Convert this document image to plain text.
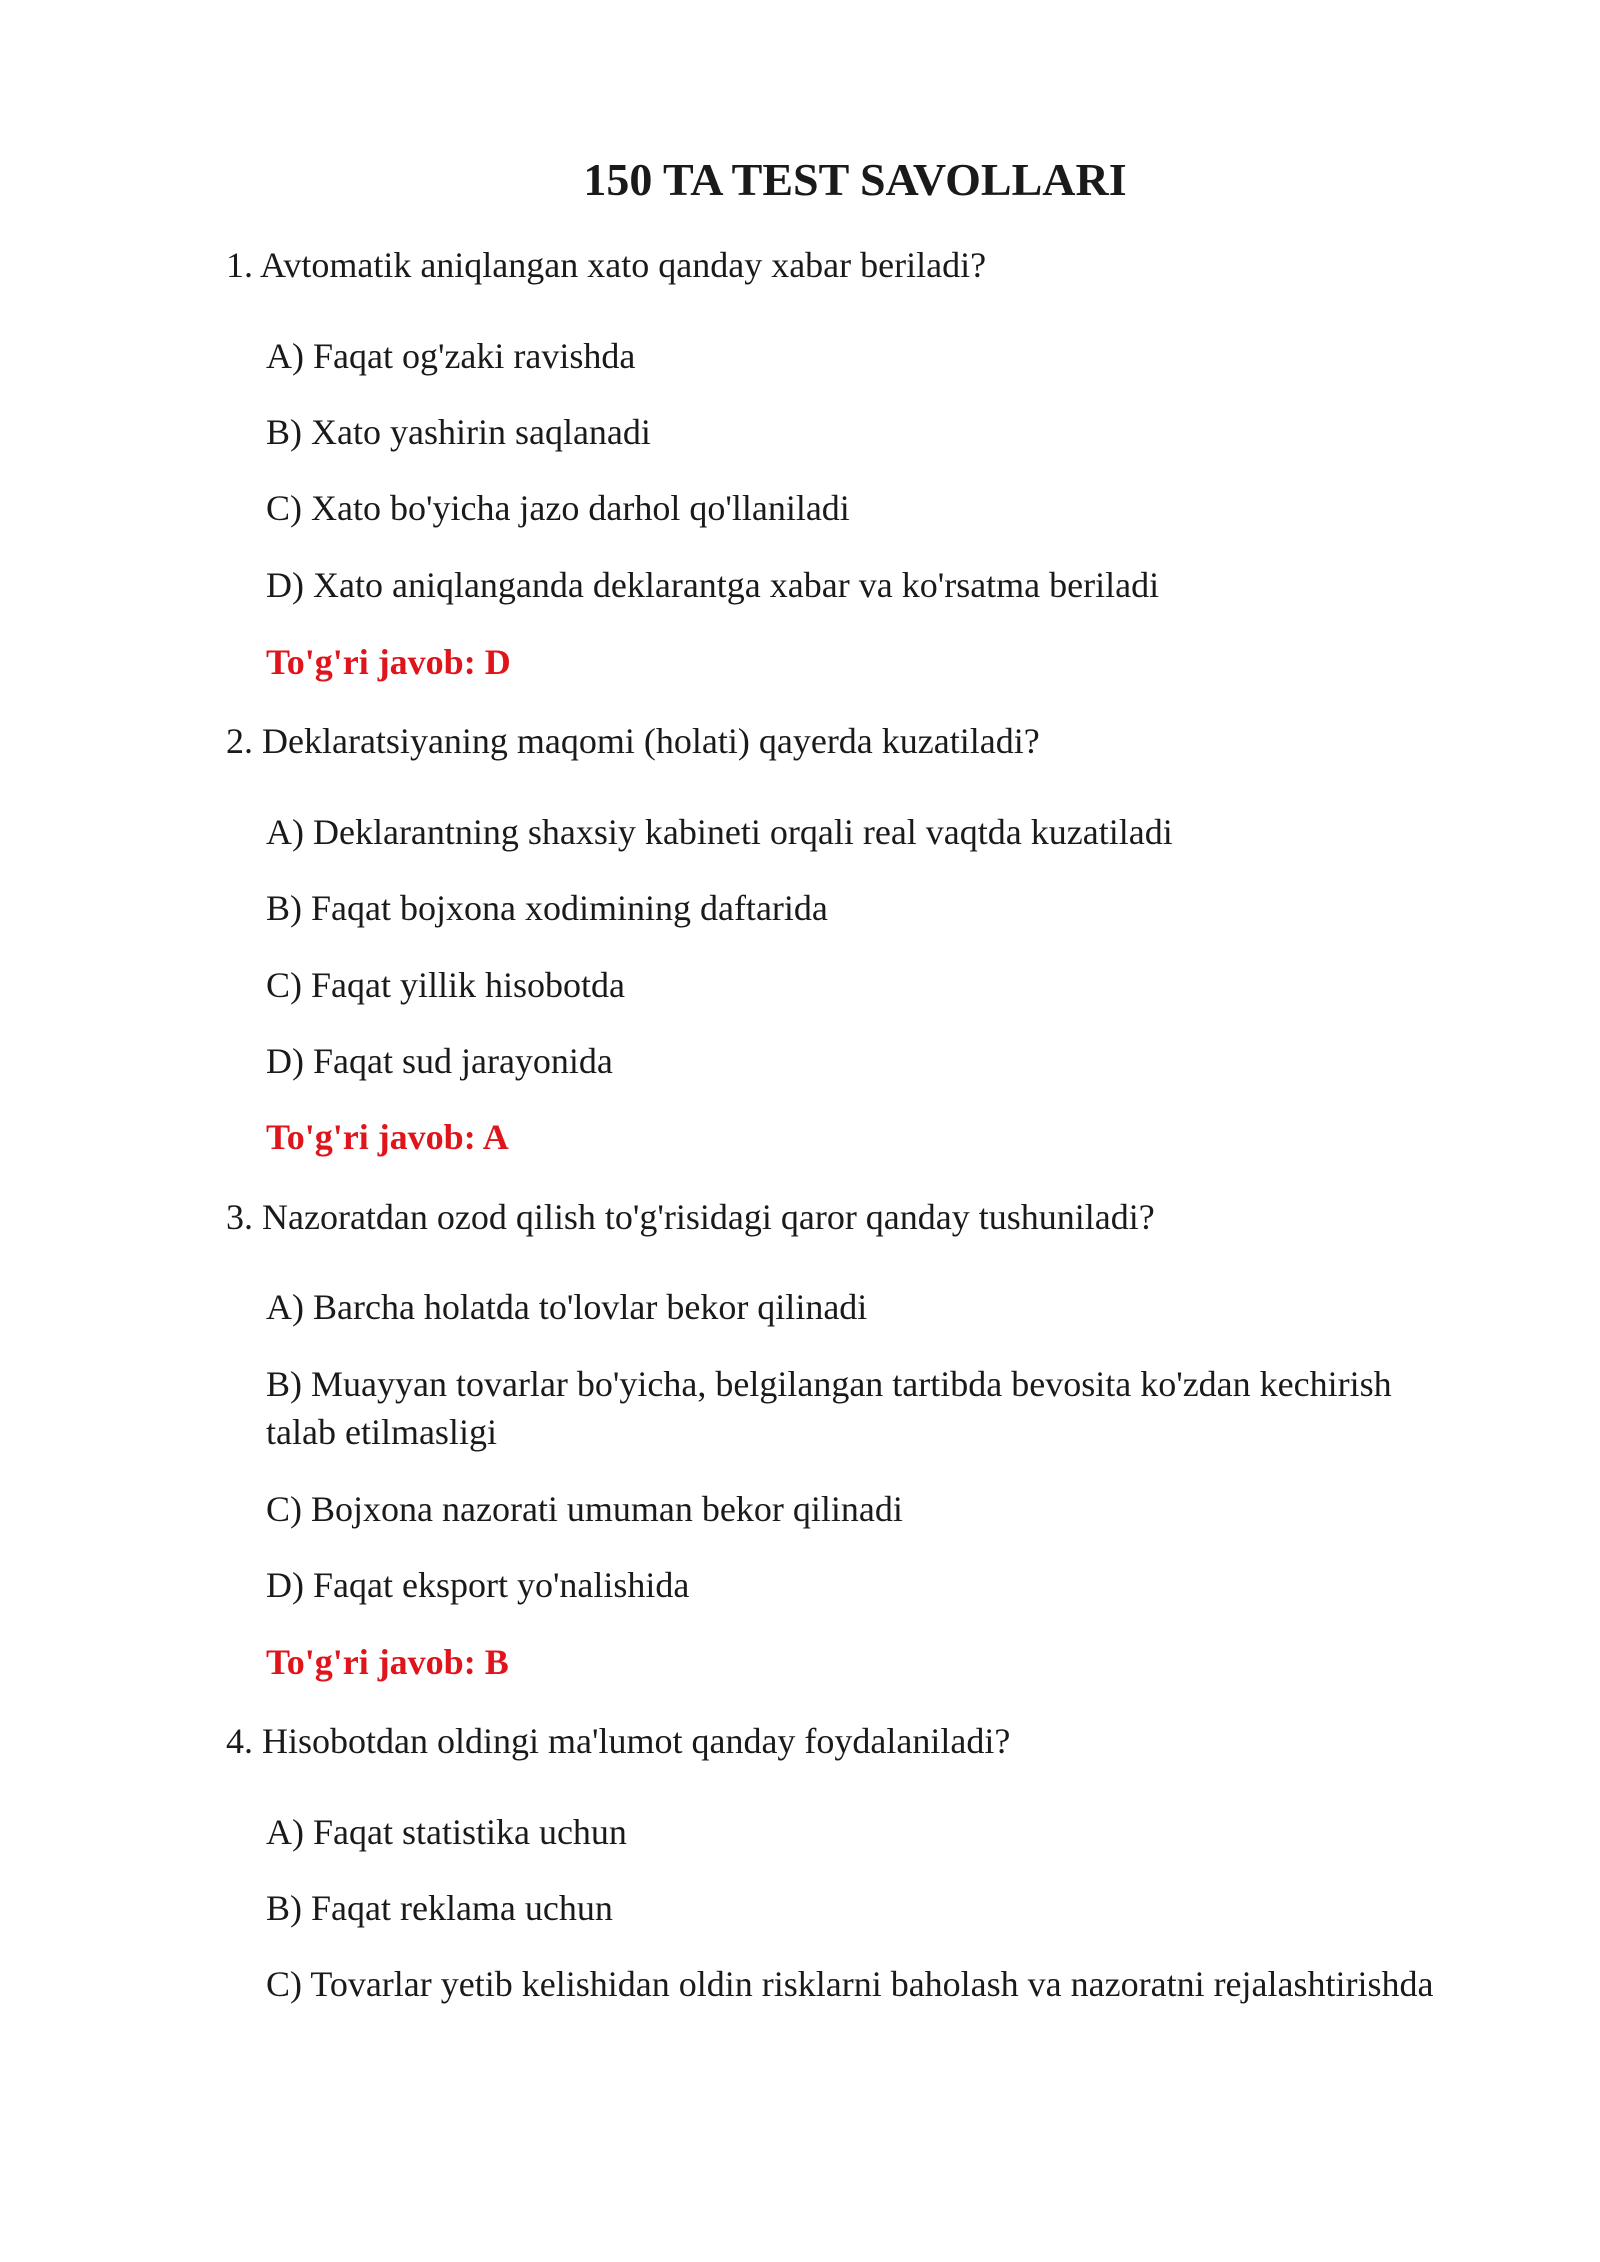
150 TA TEST SAVOLLARI

1. Avtomatik aniqlangan xato qanday xabar beriladi?

A) Faqat og'zaki ravishda

B) Xato yashirin saqlanadi

C) Xato bo'yicha jazo darhol qo'llaniladi

D) Xato aniqlanganda deklarantga xabar va ko'rsatma beriladi

To'g'ri javob: D

2. Deklaratsiyaning maqomi (holati) qayerda kuzatiladi?

A) Deklarantning shaxsiy kabineti orqali real vaqtda kuzatiladi

B) Faqat bojxona xodimining daftarida

C) Faqat yillik hisobotda

D) Faqat sud jarayonida

To'g'ri javob: A

3. Nazoratdan ozod qilish to'g'risidagi qaror qanday tushuniladi?

A) Barcha holatda to'lovlar bekor qilinadi

B) Muayyan tovarlar bo'yicha, belgilangan tartibda bevosita ko'zdan kechirish talab etilmasligi

C) Bojxona nazorati umuman bekor qilinadi

D) Faqat eksport yo'nalishida

To'g'ri javob: B

4. Hisobotdan oldingi ma'lumot qanday foydalaniladi?

A) Faqat statistika uchun

B) Faqat reklama uchun

C) Tovarlar yetib kelishidan oldin risklarni baholash va nazoratni rejalashtirishda
